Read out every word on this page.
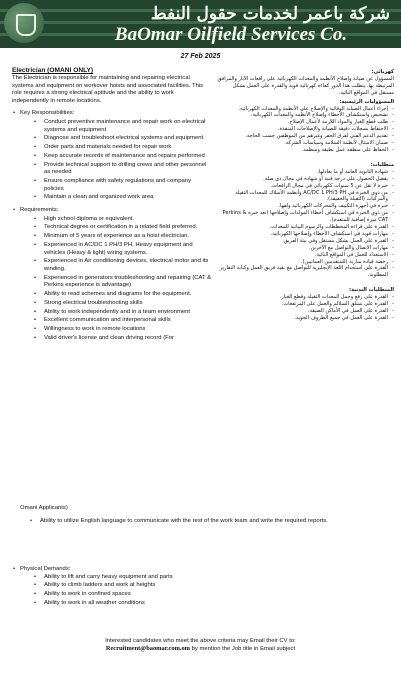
شركة باعمر لخدمات حقول النفط
BaOmar Oilfield Services Co.
27 Feb 2025
Electrician (OMANI ONLY)

The Electrician is responsible for maintaining and repairing electrical systems and equipment on workover hoists and associated facilities. This role requires a strong electrical aptitude and the ability to work independently in remote locations.

• Key Responsibilities:
• Conduct preventive maintenance and repair work on electrical systems and equipment
• Diagnose and troubleshoot electrical systems and equipment
• Order parts and materials needed for repair work
• Keep accurate records of maintenance and repairs performed
• Provide technical support to drilling crews and other personnel as needed
• Ensure compliance with safety regulations and company policies
• Maintain a clean and organized work area
• Requirements:
• High school diploma or equivalent.
• Technical degree or certification in a related field preferred.
• Minimum of 5 years of experience as a hoist electrician.
• Experienced in AC/DC 1 PH/3 PH, Heavy equipment and vehicles (Heavy & light) wiring systems.
• Experienced in Air conditioning devices, electrical motor and its winding.
• Experienced in generators troubleshooting and repairing (CAT & Perkins experience is advantage)
• Ability to read schemes and diagrams for the equipment.
• Strong electrical troubleshooting skills
• Ability to work independently and in a team environment
• Excellent communication and interpersonal skills
• Willingness to work in remote locations
• Valid driver's license and clean driving record (For

كهربائي:

المسؤول عن صيانة وإصلاح الأنظمة والمعدات الكهربائية على رافعات الآبار والمرافق المرتبطة بها. يتطلب هذا الدور كفاءة كهربائية قوية والقدرة على العمل بشكل مستقل في المواقع النائية.

المسؤوليات الرئيسية:

- إجراء أعمال الصيانة الوقائية والإصلاح على الأنظمة والمعدات الكهربائية.
- تشخيص واستكشاف الأخطاء وإصلاح الأنظمة والمعدات الكهربائية.
- طلب قطع الغيار والمواد اللازمة لأعمال الإصلاح.
- الاحتفاظ بسجلات دقيقة للصيانة والإصلاحات المنفذة.
- تقديم الدعم الفني لفرق الحفر وغيرهم من الموظفين حسب الحاجة.
- ضمان الامتثال لأنظمة السلامة وسياسات الشركة.
- الحفاظ على منطقة عمل نظيفة ومنظمة.

متطلبات:

- شهادة الثانوية العامة أو ما يعادلها.
- يفضل الحصول على درجة فنية أو شهادة في مجال ذي صلة.
- خبرة لا تقل عن 5 سنوات ككهربائي في مجال الرافعات.
- من ذوي الخبرة في AC/DC 1 PH/3 PH وأنظمة الأسلاك للمعدات الثقيلة والمركبات (الثقيلة والخفيفة).
- خبرة في أجهزة التكييف والمحركات الكهربائية ولفها.
- من ذوي الخبرة في استكشاف أخطاء المولدات وإصلاحها (تعد خبرة Perkins & CAT ميزة إضافية للمتقدم).
- القدرة على قراءة المخططات والرسوم البيانية للمعدات.
- مهارات قوية في استكشاف الأخطاء وإصلاحها الكهربائية.
- القدرة على العمل بشكل مستقل وفي بيئة الفريق.
- مهارات الاتصال والتواصل مع الآخرين.
- الاستعداد للعمل في المواقع النائية.
- رخصة قيادة سارية (للمتقدمين العمانيين).
- القدرة على استخدام اللغة الإنجليزية للتواصل مع بقية فريق العمل وكتابة التقارير المطلوبة.

المتطلبات البدنية:

- القدرة على رفع وحمل المعدات الثقيلة وقطع الغيار.
- القدرة على تسلق السلالم والعمل على المرتفعات.
- القدرة على العمل في الأماكن الضيقة.
- القدرة على العمل في جميع الظروف الجوية.
Omani Applicants)
• Ability to utilize English language to communicate with the rest of the work team and write the required reports.
• Physical Demands:
• Ability to lift and carry heavy equipment and parts
• Ability to climb ladders and work at heights
• Ability to work in confined spaces
• Ability to work in all weather conditions
Interested candidates who meet the above criteria may Email their CV to:
Recruitment@baomar.com.om by mention the Job title in Email subject
